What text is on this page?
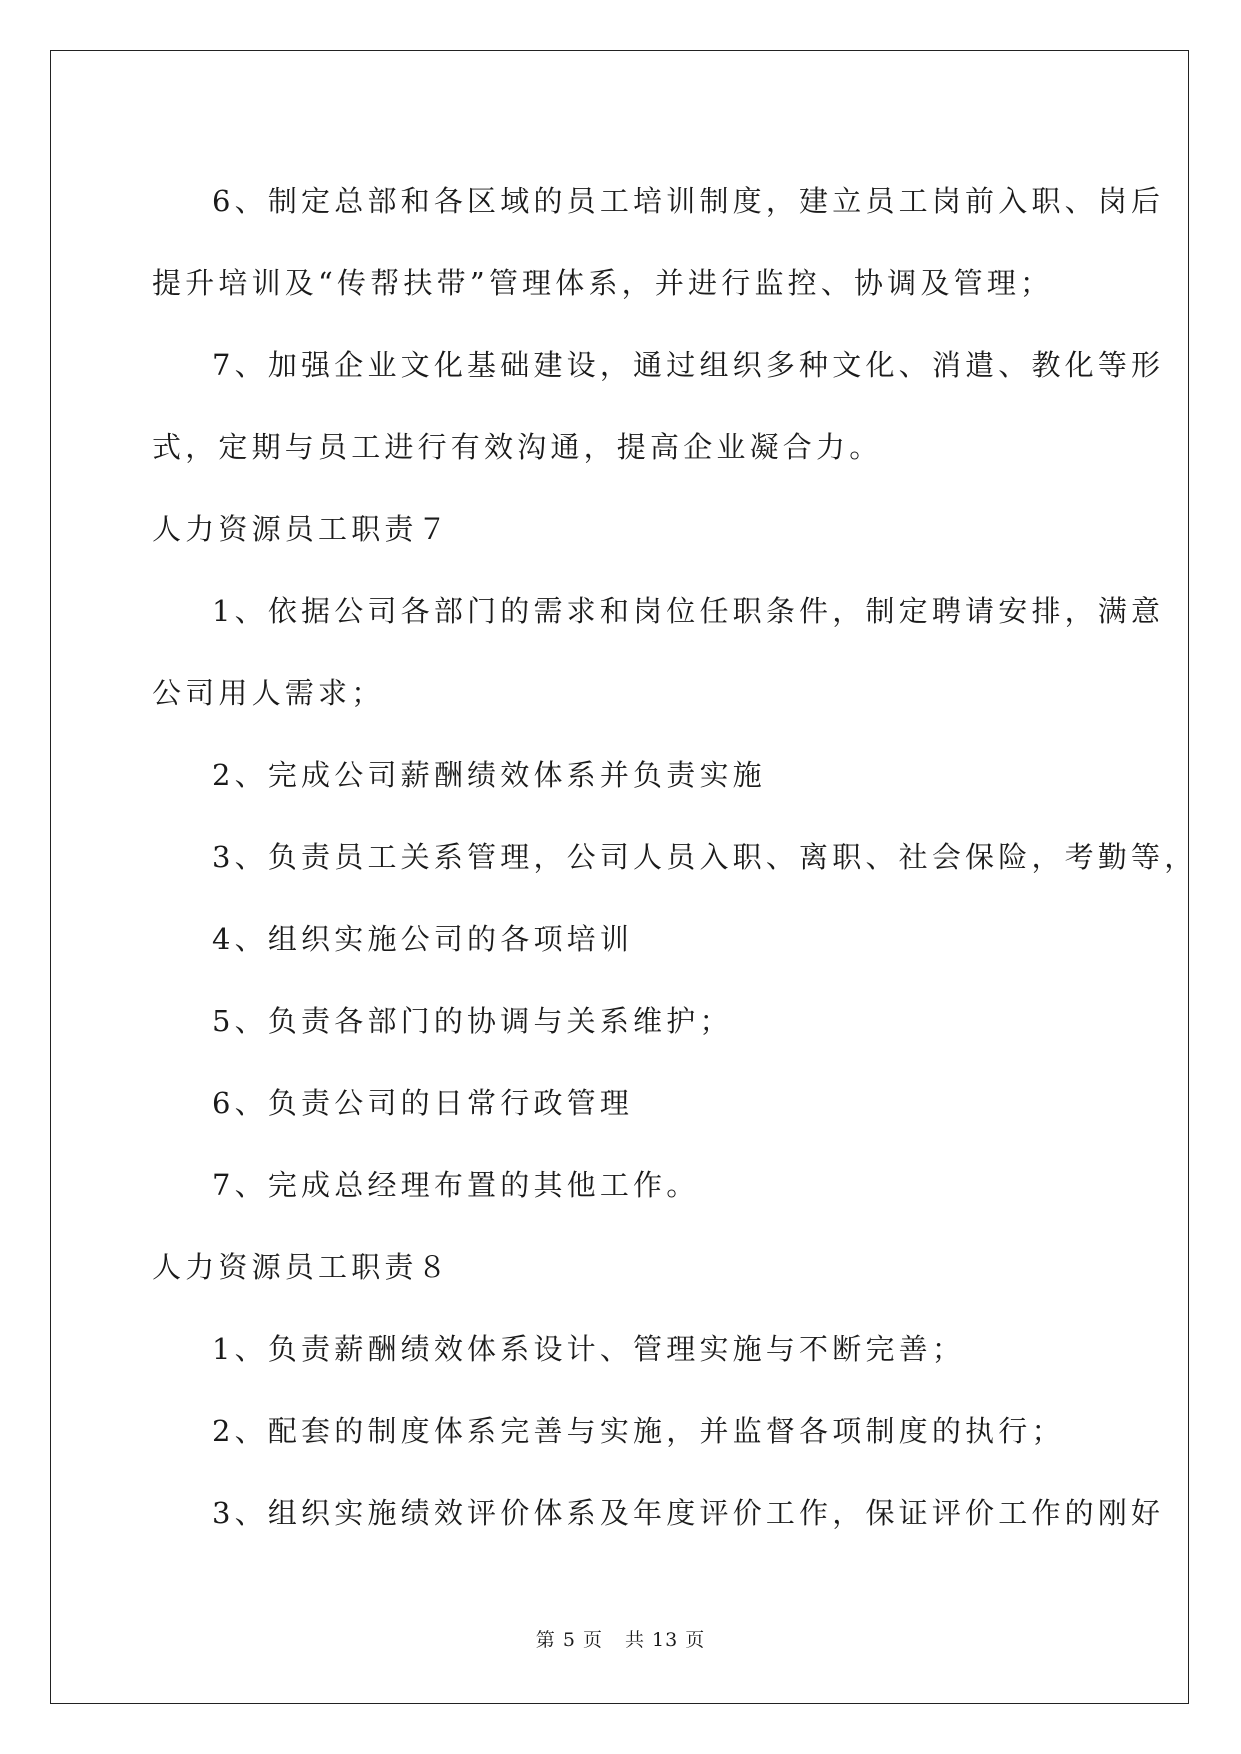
6、制定总部和各区域的员工培训制度，建立员工岗前入职、岗后

提升培训及“传帮扶带”管理体系，并进行监控、协调及管理；

7、加强企业文化基础建设，通过组织多种文化、消遣、教化等形

式，定期与员工进行有效沟通，提高企业凝合力。

人力资源员工职责７

1、依据公司各部门的需求和岗位任职条件，制定聘请安排，满意

公司用人需求；

2、完成公司薪酬绩效体系并负责实施

3、负责员工关系管理，公司人员入职、离职、社会保险，考勤等，

4、组织实施公司的各项培训

5、负责各部门的协调与关系维护；

6、负责公司的日常行政管理

7、完成总经理布置的其他工作。

人力资源员工职责８

1、负责薪酬绩效体系设计、管理实施与不断完善；

2、配套的制度体系完善与实施，并监督各项制度的执行；

3、组织实施绩效评价体系及年度评价工作，保证评价工作的刚好

第 5 页 共 13 页
